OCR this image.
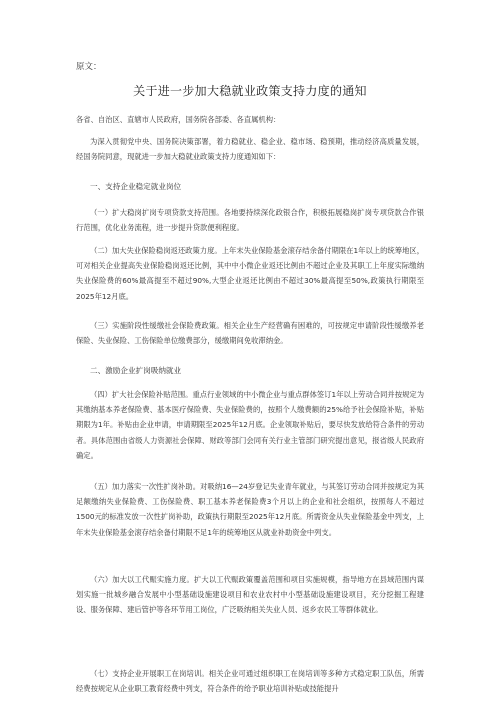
原文：
关于进一步加大稳就业政策支持力度的通知
各省、自治区、直辖市人民政府，国务院各部委、各直属机构：
为深入贯彻党中央、国务院决策部署，着力稳就业、稳企业、稳市场、稳预期，推动经济高质量发展，经国务院同意，现就进一步加大稳就业政策支持力度通知如下：
一、支持企业稳定就业岗位
（一）扩大稳岗扩岗专项贷款支持范围。各地要持续深化政银合作，积极拓展稳岗扩岗专项贷款合作银行范围，优化业务流程，进一步提升贷款便利程度。
（二）加大失业保险稳岗返还政策力度。上年末失业保险基金滚存结余备付期限在1年以上的统筹地区，可对相关企业提高失业保险稳岗返还比例，其中中小微企业返还比例由不超过企业及其职工上年度实际缴纳失业保险费的60%最高提至不超过90%,大型企业返还比例由不超过30%最高提至50%,政策执行期限至2025年12月底。
（三）实施阶段性缓缴社会保险费政策。相关企业生产经营确有困难的，可按规定申请阶段性缓缴养老保险、失业保险、工伤保险单位缴费部分，缓缴期间免收滞纳金。
二、激励企业扩岗吸纳就业
（四）扩大社会保险补贴范围。重点行业领域的中小微企业与重点群体签订1年以上劳动合同并按规定为其缴纳基本养老保险费、基本医疗保险费、失业保险费的，按照个人缴费额的25%给予社会保险补贴，补贴期限为1年。补贴由企业申请，申请期限至2025年12月底。企业领取补贴后，要尽快发放给符合条件的劳动者。具体范围由省级人力资源社会保障、财政等部门会同有关行业主管部门研究提出意见，报省级人民政府确定。
（五）加力落实一次性扩岗补助。对吸纳16—24岁登记失业青年就业，与其签订劳动合同并按规定为其足额缴纳失业保险费、工伤保险费、职工基本养老保险费3个月以上的企业和社会组织，按照每人不超过1500元的标准发放一次性扩岗补助，政策执行期限至2025年12月底。所需资金从失业保险基金中列支，上年末失业保险基金滚存结余备付期限不足1年的统筹地区从就业补助资金中列支。
（六）加大以工代赈实施力度。扩大以工代赈政策覆盖范围和项目实施规模，指导地方在县域范围内谋划实施一批城乡融合发展中小型基础设施建设项目和农业农村中小型基础设施建设项目，充分挖掘工程建设、服务保障、建后管护等各环节用工岗位，广泛吸纳相关失业人员、返乡农民工等群体就业。
（七）支持企业开展职工在岗培训。相关企业可通过组织职工在岗培训等多种方式稳定职工队伍，所需经费按规定从企业职工教育经费中列支，符合条件的给予职业培训补贴或技能提升
